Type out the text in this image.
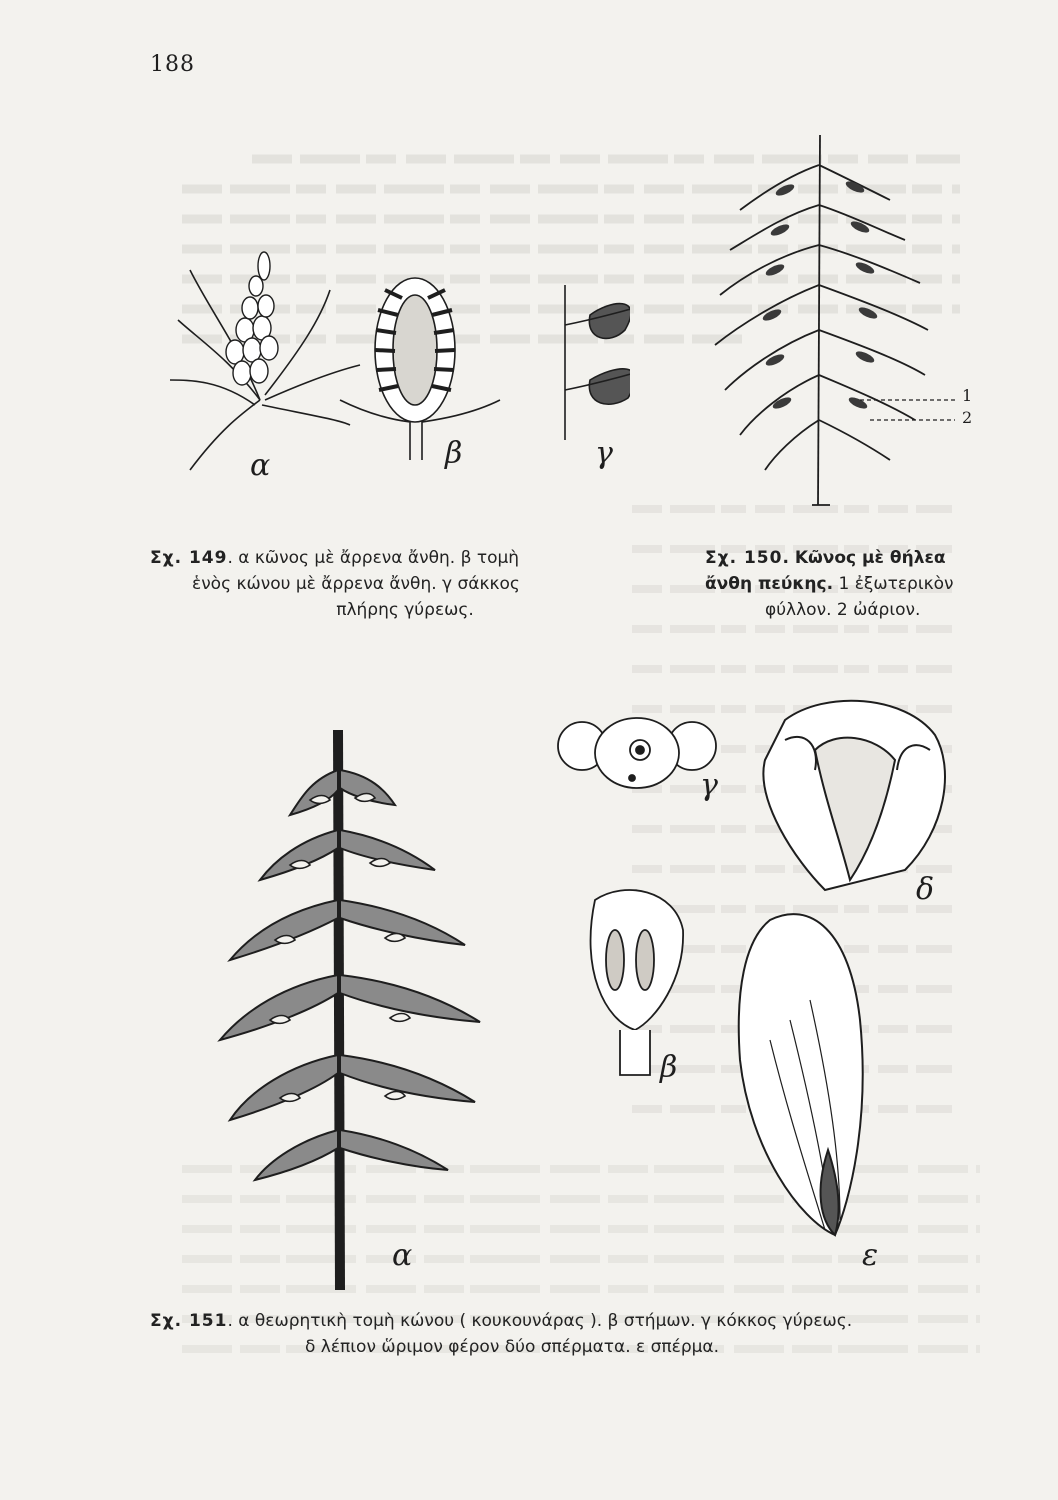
188

α	β	γ
1
2
Σχ. 149. α κῶνος μὲ ἄρρενα ἄνθη. β τομὴ
ἑνὸς κώνου μὲ ἄρρενα ἄνθη. γ σάκκος
πλήρης γύρεως.
Σχ. 150. Κῶνος μὲ θήλεα
ἄνθη πεύκης. 1 ἐξωτερικὸν
φύλλον. 2 ὠάριον.
α
γ
δ
β
ε
Σχ. 151. α θεωρητικὴ τομὴ κώνου ( κουκουνάρας ). β στήμων. γ κόκκος γύρεως.
δ λέπιον ὥριμον φέρον δύο σπέρματα. ε σπέρμα.
